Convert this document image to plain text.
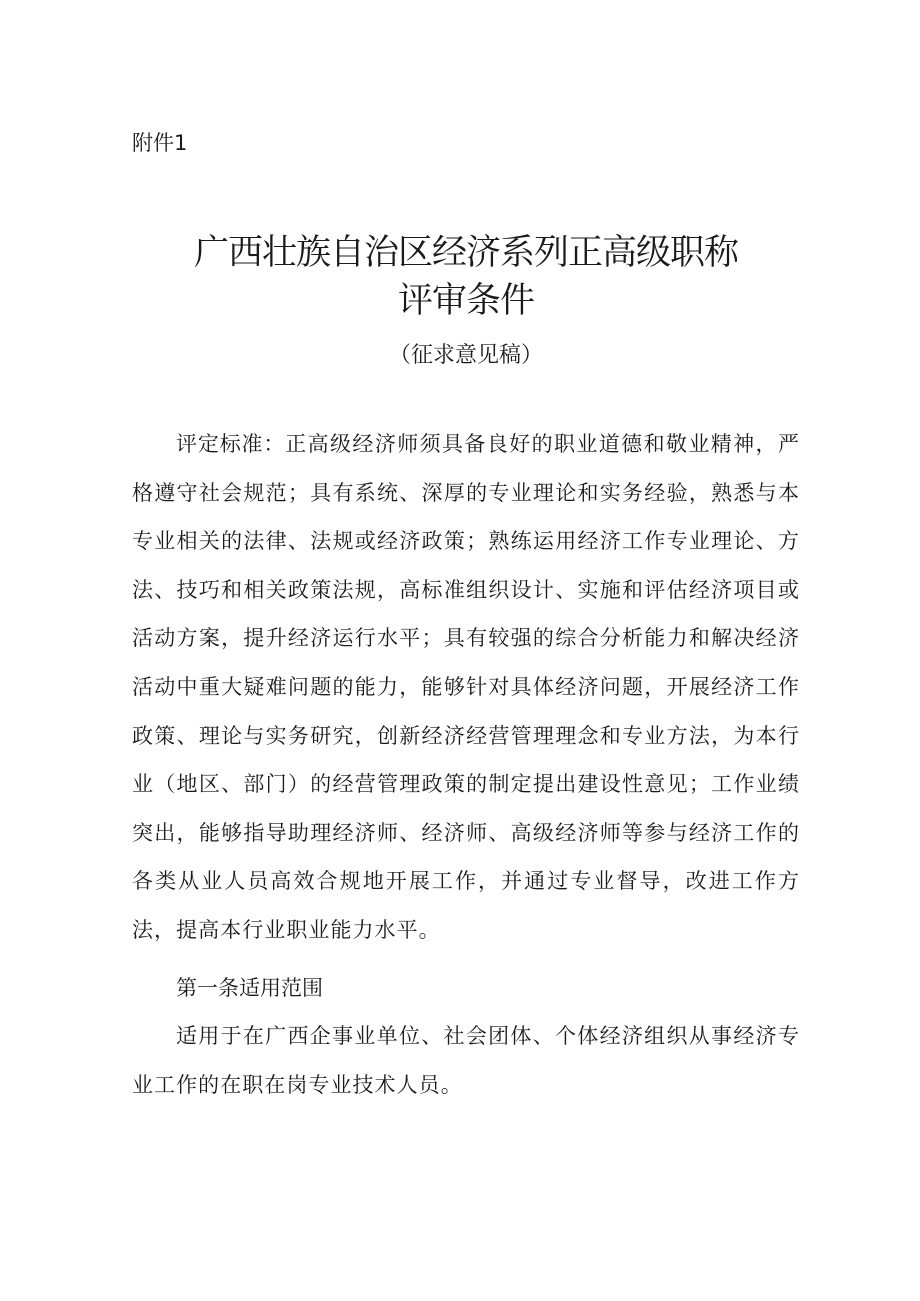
附件1
广西壮族自治区经济系列正高级职称
评审条件
（征求意见稿）
评定标准：正高级经济师须具备良好的职业道德和敬业精神，严格遵守社会规范；具有系统、深厚的专业理论和实务经验，熟悉与本专业相关的法律、法规或经济政策；熟练运用经济工作专业理论、方法、技巧和相关政策法规，高标准组织设计、实施和评估经济项目或活动方案，提升经济运行水平；具有较强的综合分析能力和解决经济活动中重大疑难问题的能力，能够针对具体经济问题，开展经济工作政策、理论与实务研究，创新经济经营管理理念和专业方法，为本行业（地区、部门）的经营管理政策的制定提出建设性意见；工作业绩突出，能够指导助理经济师、经济师、高级经济师等参与经济工作的各类从业人员高效合规地开展工作，并通过专业督导，改进工作方法，提高本行业职业能力水平。
第一条适用范围
适用于在广西企事业单位、社会团体、个体经济组织从事经济专业工作的在职在岗专业技术人员。
